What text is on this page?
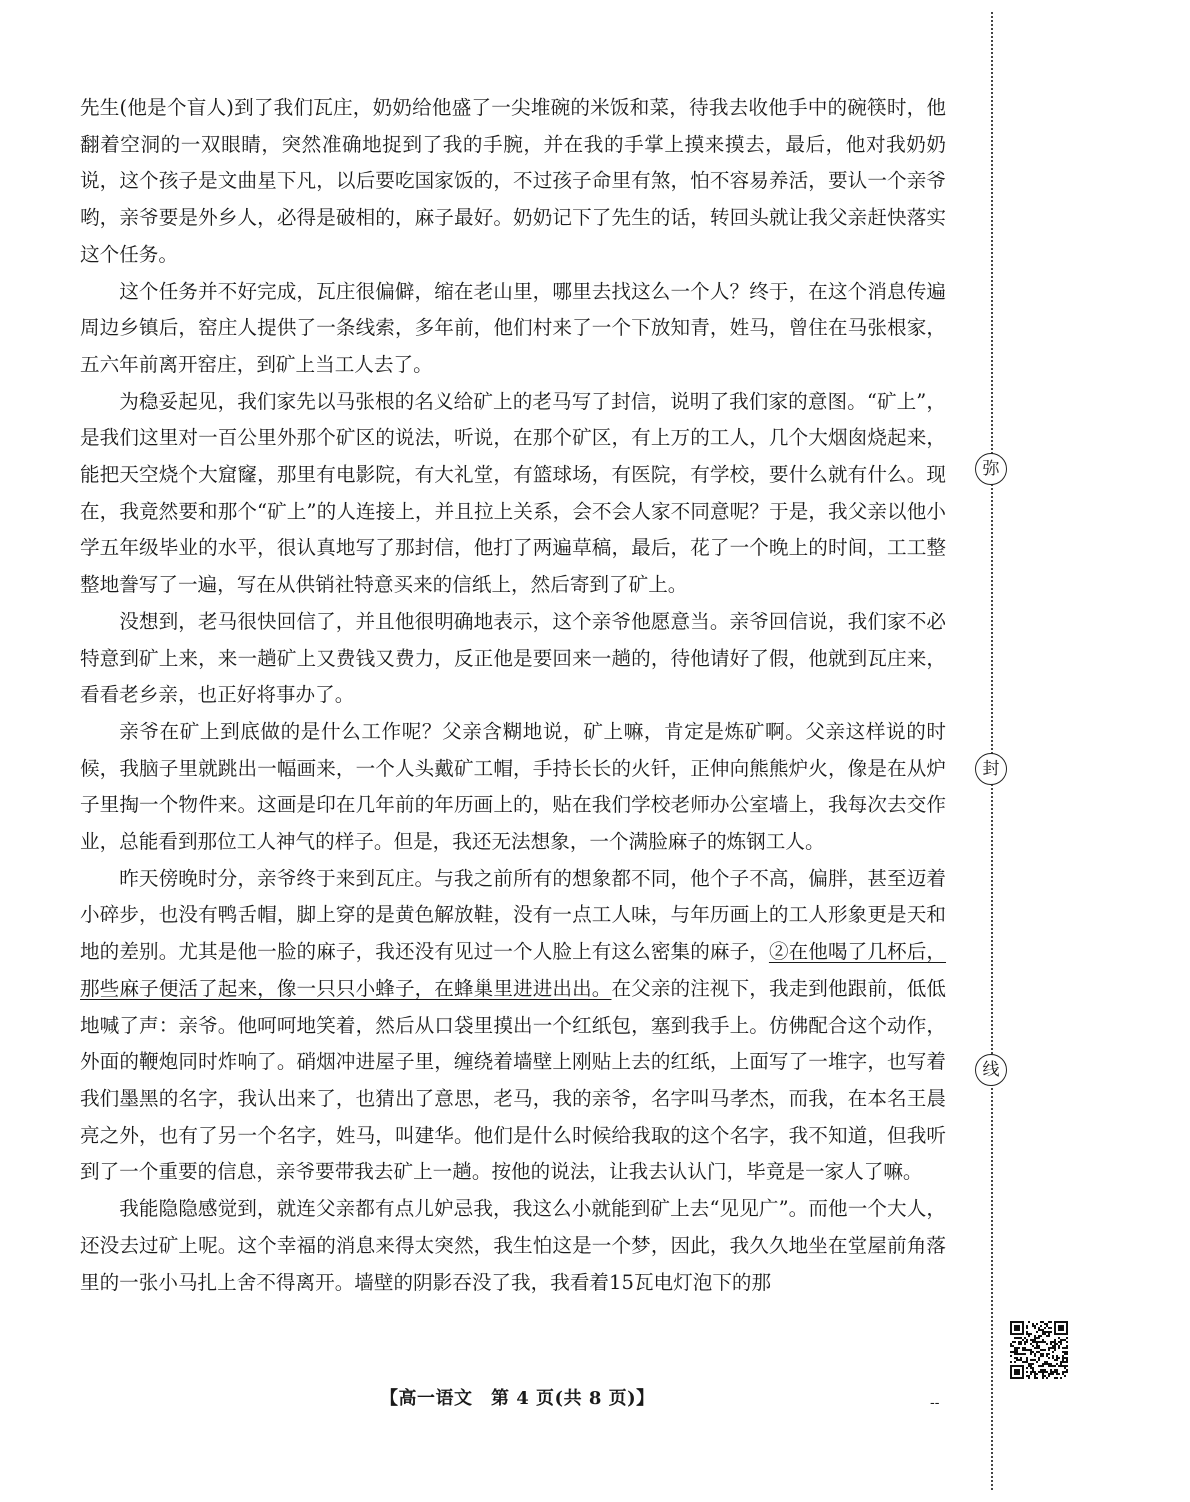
先生(他是个盲人)到了我们瓦庄，奶奶给他盛了一尖堆碗的米饭和菜，待我去收他手中的碗筷时，他翻着空洞的一双眼睛，突然准确地捉到了我的手腕，并在我的手掌上摸来摸去，最后，他对我奶奶说，这个孩子是文曲星下凡，以后要吃国家饭的，不过孩子命里有煞，怕不容易养活，要认一个亲爷哟，亲爷要是外乡人，必得是破相的，麻子最好。奶奶记下了先生的话，转回头就让我父亲赶快落实这个任务。

这个任务并不好完成，瓦庄很偏僻，缩在老山里，哪里去找这么一个人？终于，在这个消息传遍周边乡镇后，窑庄人提供了一条线索，多年前，他们村来了一个下放知青，姓马，曾住在马张根家，五六年前离开窑庄，到矿上当工人去了。

为稳妥起见，我们家先以马张根的名义给矿上的老马写了封信，说明了我们家的意图。“矿上”，是我们这里对一百公里外那个矿区的说法，听说，在那个矿区，有上万的工人，几个大烟囱烧起来，能把天空烧个大窟窿，那里有电影院，有大礼堂，有篮球场，有医院，有学校，要什么就有什么。现在，我竟然要和那个“矿上”的人连接上，并且拉上关系，会不会人家不同意呢？于是，我父亲以他小学五年级毕业的水平，很认真地写了那封信，他打了两遍草稿，最后，花了一个晚上的时间，工工整整地誊写了一遍，写在从供销社特意买来的信纸上，然后寄到了矿上。

没想到，老马很快回信了，并且他很明确地表示，这个亲爷他愿意当。亲爷回信说，我们家不必特意到矿上来，来一趟矿上又费钱又费力，反正他是要回来一趟的，待他请好了假，他就到瓦庄来，看看老乡亲，也正好将事办了。

亲爷在矿上到底做的是什么工作呢？父亲含糊地说，矿上嘛，肯定是炼矿啊。父亲这样说的时候，我脑子里就跳出一幅画来，一个人头戴矿工帽，手持长长的火钎，正伸向熊熊炉火，像是在从炉子里掏一个物件来。这画是印在几年前的年历画上的，贴在我们学校老师办公室墙上，我每次去交作业，总能看到那位工人神气的样子。但是，我还无法想象，一个满脸麻子的炼钢工人。

昨天傍晚时分，亲爷终于来到瓦庄。与我之前所有的想象都不同，他个子不高，偏胖，甚至迈着小碎步，也没有鸭舌帽，脚上穿的是黄色解放鞋，没有一点工人味，与年历画上的工人形象更是天和地的差别。尤其是他一脸的麻子，我还没有见过一个人脸上有这么密集的麻子，②在他喝了几杯后，那些麻子便活了起来，像一只只小蜂子，在蜂巢里进进出出。在父亲的注视下，我走到他跟前，低低地喊了声：亲爷。他呵呵地笑着，然后从口袋里摸出一个红纸包，塞到我手上。仿佛配合这个动作，外面的鞭炮同时炸响了。硝烟冲进屋子里，缠绕着墙壁上刚贴上去的红纸，上面写了一堆字，也写着我们墨黑的名字，我认出来了，也猜出了意思，老马，我的亲爷，名字叫马孝杰，而我，在本名王晨亮之外，也有了另一个名字，姓马，叫建华。他们是什么时候给我取的这个名字，我不知道，但我听到了一个重要的信息，亲爷要带我去矿上一趟。按他的说法，让我去认认门，毕竟是一家人了嘛。

我能隐隐感觉到，就连父亲都有点儿妒忌我，我这么小就能到矿上去“见见广”。而他一个大人，还没去过矿上呢。这个幸福的消息来得太突然，我生怕这是一个梦，因此，我久久地坐在堂屋前角落里的一张小马扎上舍不得离开。墙壁的阴影吞没了我，我看着15瓦电灯泡下的那

【高一语文　第 4 页(共 8 页)】
弥
封
线
--
